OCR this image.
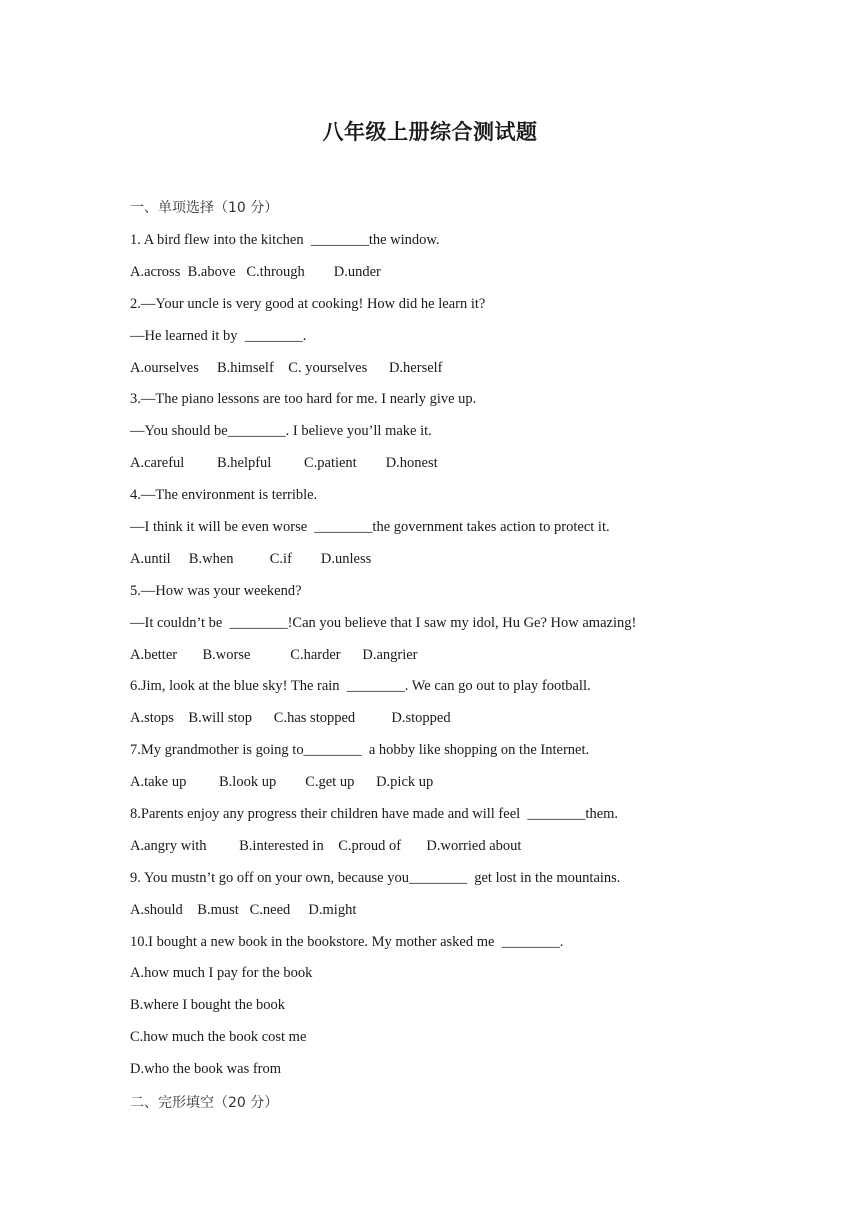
八年级上册综合测试题
一、单项选择（10 分）
1. A bird flew into the kitchen  ________the window.
A.across  B.above   C.through        D.under
2.—Your uncle is very good at cooking! How did he learn it?
—He learned it by  ________.
A.ourselves     B.himself    C. yourselves      D.herself
3.—The piano lessons are too hard for me. I nearly give up.
—You should be________. I believe you’ll make it.
A.careful         B.helpful         C.patient        D.honest
4.—The environment is terrible.
—I think it will be even worse  ________the government takes action to protect it.
A.until     B.when          C.if        D.unless
5.—How was your weekend?
—It couldn’t be  ________!Can you believe that I saw my idol, Hu Ge? How amazing!
A.better       B.worse           C.harder      D.angrier
6.Jim, look at the blue sky! The rain  ________. We can go out to play football.
A.stops    B.will stop      C.has stopped          D.stopped
7.My grandmother is going to________  a hobby like shopping on the Internet.
A.take up         B.look up        C.get up      D.pick up
8.Parents enjoy any progress their children have made and will feel  ________them.
A.angry with         B.interested in    C.proud of       D.worried about
9. You mustn’t go off on your own, because you________  get lost in the mountains.
A.should    B.must   C.need     D.might
10.I bought a new book in the bookstore. My mother asked me  ________.
A.how much I pay for the book
B.where I bought the book
C.how much the book cost me
D.who the book was from
二、完形填空（20 分）
